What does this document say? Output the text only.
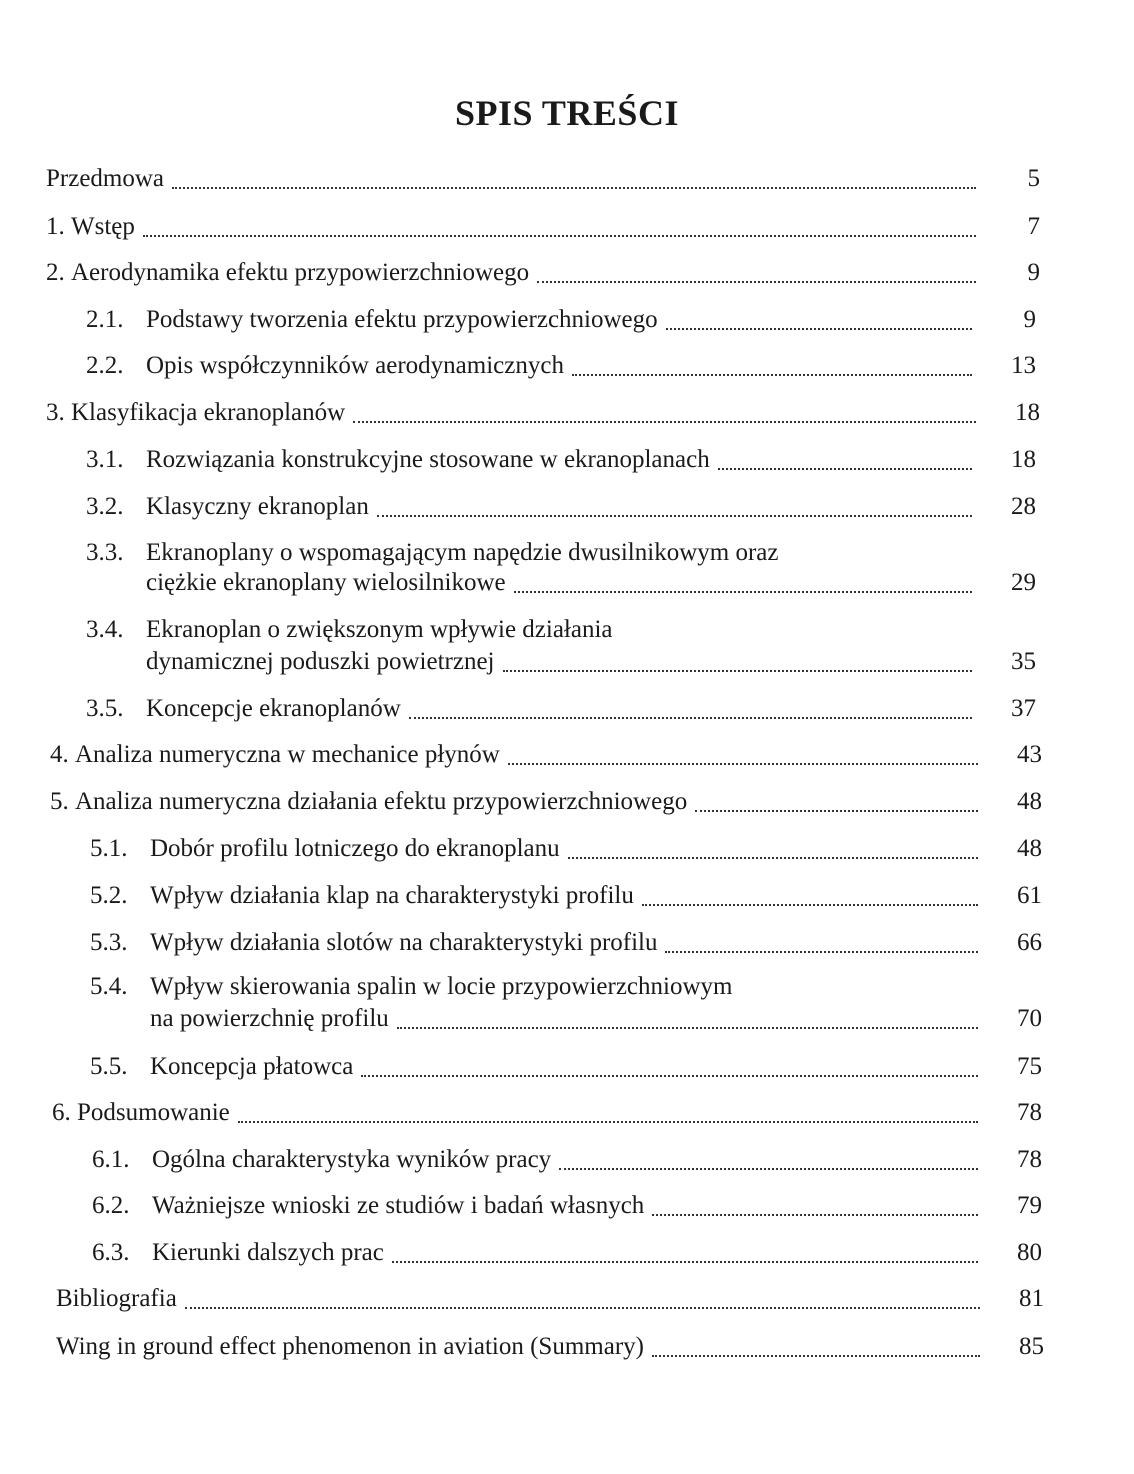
SPIS TREŚCI
Przedmowa	5
1. Wstęp	7
2. Aerodynamika efektu przypowierzchniowego	9
2.1. Podstawy tworzenia efektu przypowierzchniowego	9
2.2. Opis współczynników aerodynamicznych	13
3. Klasyfikacja ekranoplanów	18
3.1. Rozwiązania konstrukcyjne stosowane w ekranoplanach	18
3.2. Klasyczny ekranoplan	28
3.3. Ekranoplany o wspomagającym napędzie dwusilnikowym oraz
ciężkie ekranoplany wielosilnikowe	29
3.4. Ekranoplan o zwiększonym wpływie działania
dynamicznej poduszki powietrznej	35
3.5. Koncepcje ekranoplanów	37
4. Analiza numeryczna w mechanice płynów	43
5. Analiza numeryczna działania efektu przypowierzchniowego	48
5.1. Dobór profilu lotniczego do ekranoplanu	48
5.2. Wpływ działania klap na charakterystyki profilu	61
5.3. Wpływ działania slotów na charakterystyki profilu	66
5.4. Wpływ skierowania spalin w locie przypowierzchniowym
na powierzchnię profilu	70
5.5. Koncepcja płatowca	75
6. Podsumowanie	78
6.1. Ogólna charakterystyka wyników pracy	78
6.2. Ważniejsze wnioski ze studiów i badań własnych	79
6.3. Kierunki dalszych prac	80
Bibliografia	81
Wing in ground effect phenomenon in aviation (Summary)	85
